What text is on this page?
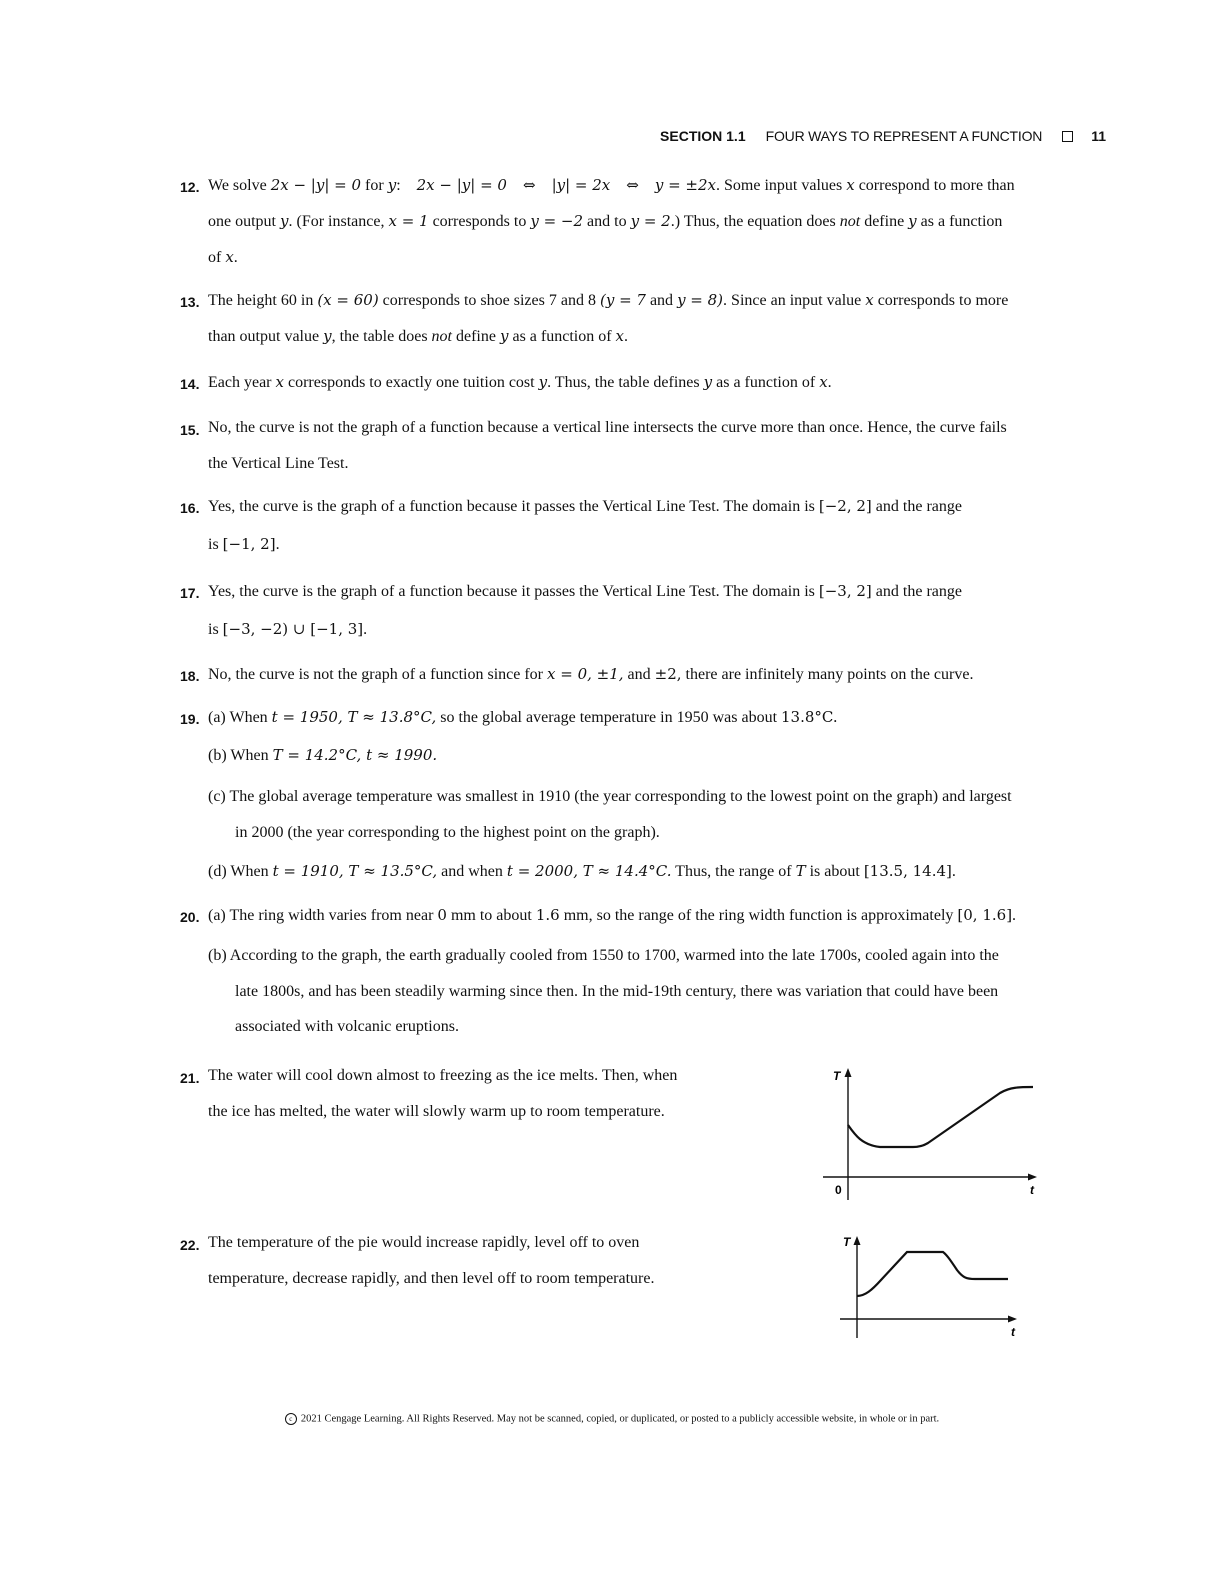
SECTION 1.1 FOUR WAYS TO REPRESENT A FUNCTION	11
12. We solve 2x − |y| = 0 for y: 2x − |y| = 0 ⇔ |y| = 2x ⇔ y = ±2x. Some input values x correspond to more than
one output y. (For instance, x = 1 corresponds to y = −2 and to y = 2.) Thus, the equation does not define y as a function
of x.
13. The height 60 in (x = 60) corresponds to shoe sizes 7 and 8 (y = 7 and y = 8). Since an input value x corresponds to more
than output value y, the table does not define y as a function of x.
14. Each year x corresponds to exactly one tuition cost y. Thus, the table defines y as a function of x.
15. No, the curve is not the graph of a function because a vertical line intersects the curve more than once. Hence, the curve fails
the Vertical Line Test.
16. Yes, the curve is the graph of a function because it passes the Vertical Line Test. The domain is [−2, 2] and the range
is [−1, 2].
17. Yes, the curve is the graph of a function because it passes the Vertical Line Test. The domain is [−3, 2] and the range
is [−3, −2) ∪ [−1, 3].
18. No, the curve is not the graph of a function since for x = 0, ±1, and ±2, there are infinitely many points on the curve.
19. (a) When t = 1950, T ≈ 13.8°C, so the global average temperature in 1950 was about 13.8°C.
(b) When T = 14.2°C, t ≈ 1990.
(c) The global average temperature was smallest in 1910 (the year corresponding to the lowest point on the graph) and largest
in 2000 (the year corresponding to the highest point on the graph).
(d) When t = 1910, T ≈ 13.5°C, and when t = 2000, T ≈ 14.4°C. Thus, the range of T is about [13.5, 14.4].
20. (a) The ring width varies from near 0 mm to about 1.6 mm, so the range of the ring width function is approximately [0, 1.6].
(b) According to the graph, the earth gradually cooled from 1550 to 1700, warmed into the late 1700s, cooled again into the
late 1800s, and has been steadily warming since then. In the mid-19th century, there was variation that could have been
associated with volcanic eruptions.
21. The water will cool down almost to freezing as the ice melts. Then, when
the ice has melted, the water will slowly warm up to room temperature.
T
0	t
22. The temperature of the pie would increase rapidly, level off to oven
temperature, decrease rapidly, and then level off to room temperature.
T
t
c 2021 Cengage Learning. All Rights Reserved. May not be scanned, copied, or duplicated, or posted to a publicly accessible website, in whole or in part.
